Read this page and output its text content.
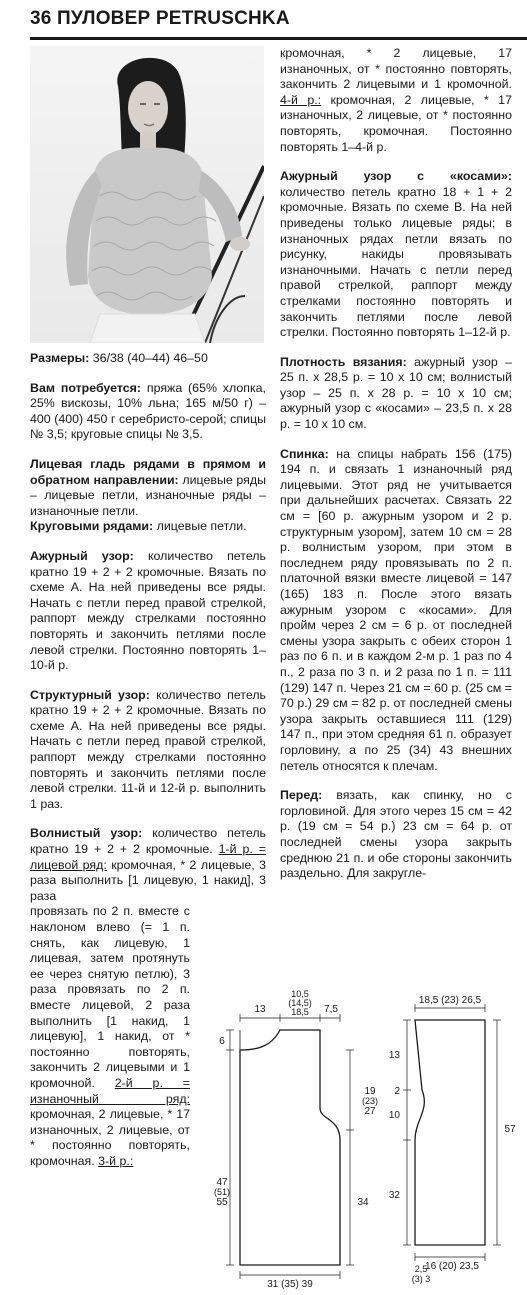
36 ПУЛОВЕР PETRUSCHKA

Размеры: 36/38 (40–44) 46–50

Вам потребуется: пряжа (65% хлопка, 25% вискозы, 10% льна; 165 м/50 г) – 400 (400) 450 г серебристо-серой; спицы № 3,5; круговые спицы № 3,5.

Лицевая гладь рядами в прямом и обратном направлении: лицевые ряды – лицевые петли, изнаночные ряды – изнаночные петли.

Круговыми рядами: лицевые петли.

Ажурный узор: количество петель кратно 19 + 2 + 2 кромочные. Вязать по схеме А. На ней приведены все ряды. Начать с петли перед правой стрелкой, раппорт между стрелками постоянно повторять и закончить петлями после левой стрелки. Постоянно повторять 1–10-й р.

Структурный узор: количество петель кратно 19 + 2 + 2 кромочные. Вязать по схеме А. На ней приведены все ряды. Начать с петли перед правой стрелкой, раппорт между стрелками постоянно повторять и закончить петлями после левой стрелки. 11-й и 12-й р. выполнить 1 раз.

Волнистый узор: количество петель кратно 19 + 2 + 2 кромочные. 1-й р. = лицевой ряд: кромочная, * 2 лицевые, 3 раза выполнить [1 лицевую, 1 накид], 3 раза

провязать по 2 п. вместе с наклоном влево (= 1 п. снять, как лицевую, 1 лицевая, затем протянуть ее через снятую петлю), 3 раза провязать по 2 п. вместе лицевой, 2 раза выполнить [1 накид, 1 лицевую], 1 накид, от * постоянно повторять, закончить 2 лицевыми и 1 кромочной. 2-й р. = изнаночный ряд: кромочная, 2 лицевые, * 17 изнаночных, 2 лицевые, от * постоянно повторять, кромочная. 3-й р.:

кромочная, * 2 лицевые, 17 изнаночных, от * постоянно повторять, закончить 2 лицевыми и 1 кромочной. 4-й р.: кромочная, 2 лицевые, * 17 изнаночных, 2 лицевые, от * постоянно повторять, кромочная. Постоянно повторять 1–4-й р.

Ажурный узор с «косами»: количество петель кратно 18 + 1 + 2 кромочные. Вязать по схеме В. На ней приведены только лицевые ряды; в изнаночных рядах петли вязать по рисунку, накиды провязывать изнаночными. Начать с петли перед правой стрелкой, раппорт между стрелками постоянно повторять и закончить петлями после левой стрелки. Постоянно повторять 1–12-й р.

Плотность вязания: ажурный узор – 25 п. х 28,5 р. = 10 х 10 см; волнистый узор – 25 п. х 28 р. = 10 х 10 см; ажурный узор с «косами» – 23,5 п. х 28 р. = 10 х 10 см.

Спинка: на спицы набрать 156 (175) 194 п. и связать 1 изнаночный ряд лицевыми. Этот ряд не учитывается при дальнейших расчетах. Связать 22 см = [60 р. ажурным узором и 2 р. структурным узором], затем 10 см = 28 р. волнистым узором, при этом в последнем ряду провязывать по 2 п. платочной вязки вместе лицевой = 147 (165) 183 п. После этого вязать ажурным узором с «косами». Для пройм через 2 см = 6 р. от последней смены узора закрыть с обеих сторон 1 раз по 6 п. и в каждом 2-м р. 1 раз по 4 п., 2 раза по 3 п. и 2 раза по 1 п. = 111 (129) 147 п. Через 21 см = 60 р. (25 см = 70 р.) 29 см = 82 р. от последней смены узора закрыть оставшиеся 111 (129) 147 п., при этом средняя 61 п. образует горловину, а по 25 (34) 43 внешних петель относятся к плечам.

Перед: вязать, как спинку, но с горловиной. Для этого через 15 см = 42 р. (19 см = 54 р.) 23 см = 64 р. от последней смены узора закрыть среднюю 21 п. и обе стороны закончить раздельно. Для закругле-

13
10,5
(14,5)
18,5 7,5
6
19
(23)
27
47
(51)
55	34
31 (35) 39
18,5 (23) 26,5
13
2
10
32
57
16 (20) 23,5
2,5
(3) 3
